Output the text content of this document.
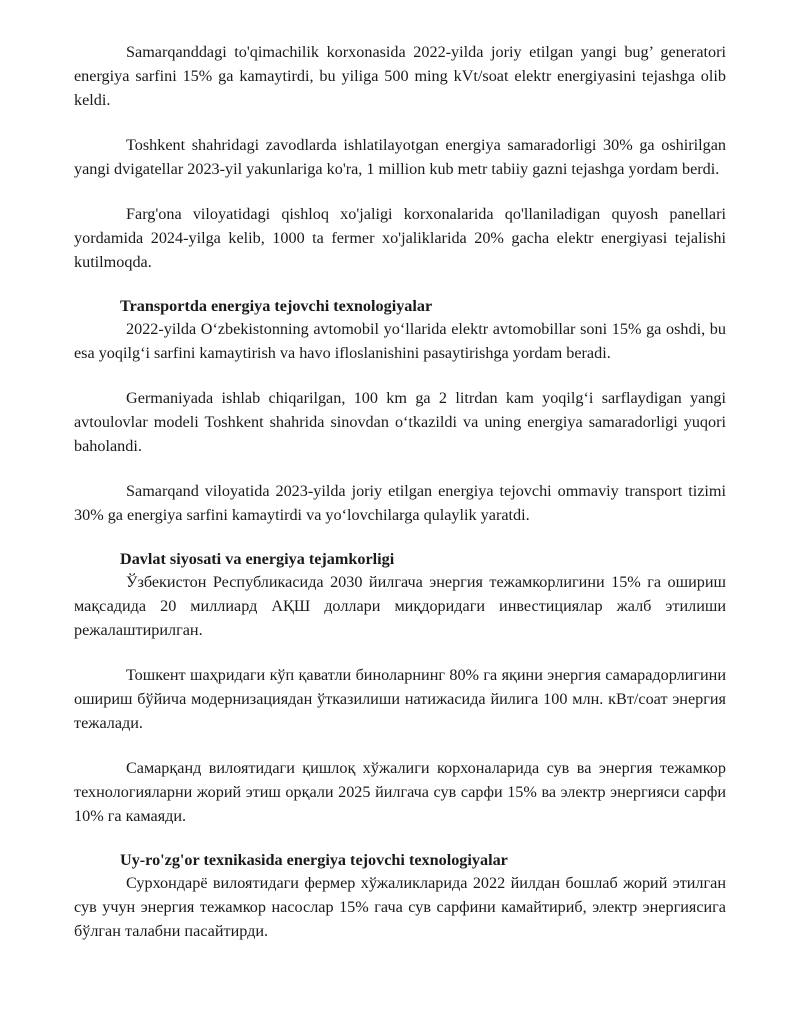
Samarqanddagi to'qimachilik korxonasida 2022-yilda joriy etilgan yangi bug’ generatori energiya sarfini 15% ga kamaytirdi, bu yiliga 500 ming kVt/soat elektr energiyasini tejashga olib keldi.

Toshkent shahridagi zavodlarda ishlatilayotgan energiya samaradorligi 30% ga oshirilgan yangi dvigatellar 2023-yil yakunlariga ko'ra, 1 million kub metr tabiiy gazni tejashga yordam berdi.

Farg'ona viloyatidagi qishloq xo'jaligi korxonalarida qo'llaniladigan quyosh panellari yordamida 2024-yilga kelib, 1000 ta fermer xo'jaliklarida 20% gacha elektr energiyasi tejalishi kutilmoqda.

Transportda energiya tejovchi texnologiyalar

2022-yilda O‘zbekistonning avtomobil yo‘llarida elektr avtomobillar soni 15% ga oshdi, bu esa yoqilg‘i sarfini kamaytirish va havo ifloslanishini pasaytirishga yordam beradi.

Germaniyada ishlab chiqarilgan, 100 km ga 2 litrdan kam yoqilg‘i sarflaydigan yangi avtoulovlar modeli Toshkent shahrida sinovdan o‘tkazildi va uning energiya samaradorligi yuqori baholandi.

Samarqand viloyatida 2023-yilda joriy etilgan energiya tejovchi ommaviy transport tizimi 30% ga energiya sarfini kamaytirdi va yo‘lovchilarga qulaylik yaratdi.

Davlat siyosati va energiya tejamkorligi

Ўзбекистон Республикасида 2030 йилгача энергия тежамкорлигини 15% га ошириш мақсадида 20 миллиард АҚШ доллари миқдоридаги инвестициялар жалб этилиши режалаштирилган.

Тошкент шаҳридаги кўп қаватли биноларнинг 80% га яқини энергия самарадорлигини ошириш бўйича модернизациядан ўтказилиши натижасида йилига 100 млн. кВт/соат энергия тежалади.

Самарқанд вилоятидаги қишлоқ хўжалиги корхоналарида сув ва энергия тежамкор технологияларни жорий этиш орқали 2025 йилгача сув сарфи 15% ва электр энергияси сарфи 10% га камаяди.

Uy-ro'zg'or texnikasida energiya tejovchi texnologiyalar

Сурхондарё вилоятидаги фермер хўжаликларида 2022 йилдан бошлаб жорий этилган сув учун энергия тежамкор насослар 15% гача сув сарфини камайтириб, электр энергиясига бўлган талабни пасайтирди.
